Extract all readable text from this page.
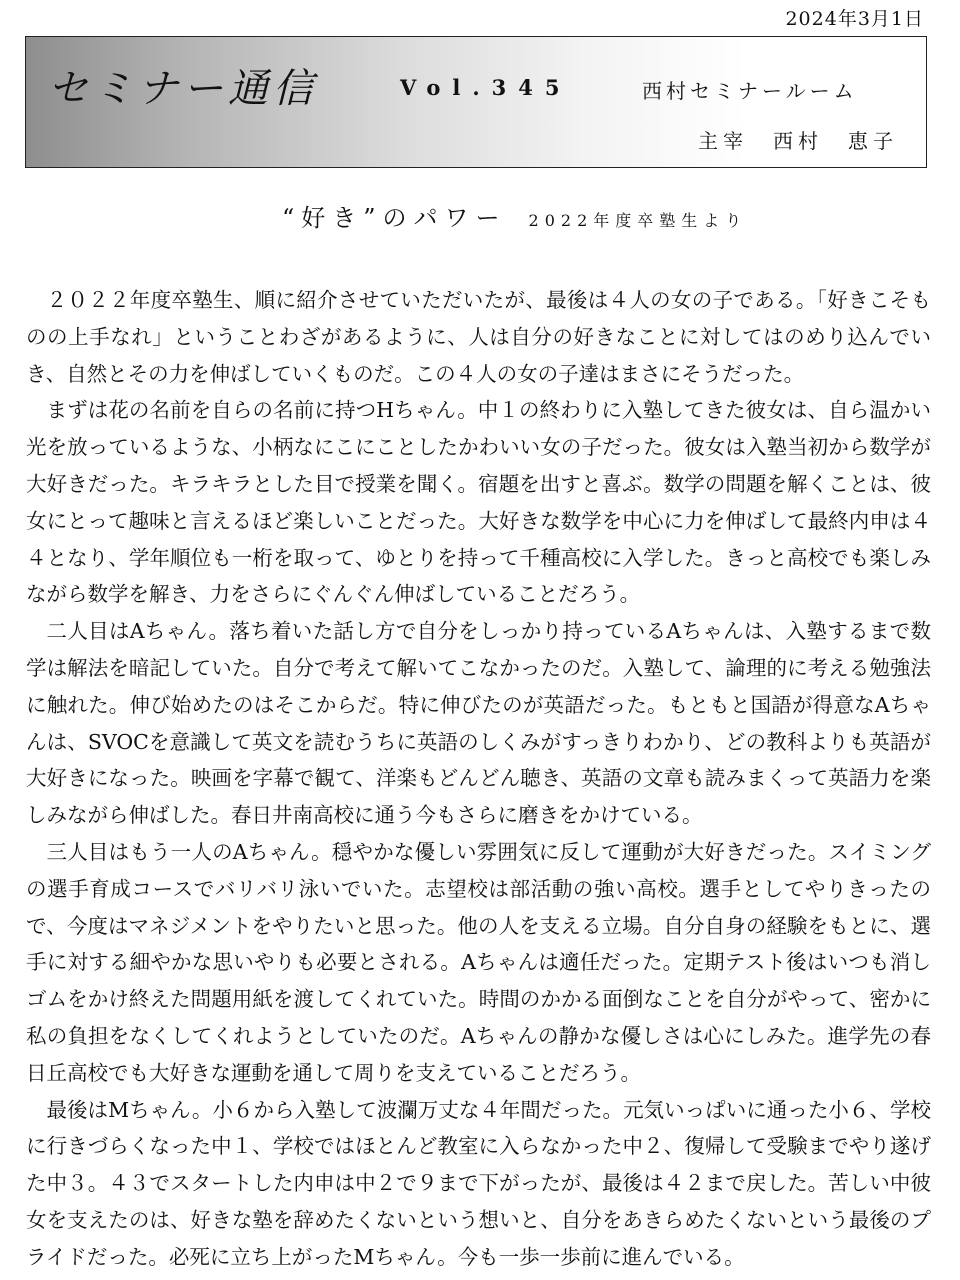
2024年3月1日
セミナー通信	Vol.345	西村セミナールーム
主宰　西村　恵子
“好き”のパワー 2022年度卒塾生より

２０２２年度卒塾生、順に紹介させていただいたが、最後は４人の女の子である。「好きこそものの上手なれ」ということわざがあるように、人は自分の好きなことに対してはのめり込んでいき、自然とその力を伸ばしていくものだ。この４人の女の子達はまさにそうだった。

まずは花の名前を自らの名前に持つHちゃん。中１の終わりに入塾してきた彼女は、自ら温かい光を放っているような、小柄なにこにことしたかわいい女の子だった。彼女は入塾当初から数学が大好きだった。キラキラとした目で授業を聞く。宿題を出すと喜ぶ。数学の問題を解くことは、彼女にとって趣味と言えるほど楽しいことだった。大好きな数学を中心に力を伸ばして最終内申は４４となり、学年順位も一桁を取って、ゆとりを持って千種高校に入学した。きっと高校でも楽しみながら数学を解き、力をさらにぐんぐん伸ばしていることだろう。

二人目はAちゃん。落ち着いた話し方で自分をしっかり持っているAちゃんは、入塾するまで数学は解法を暗記していた。自分で考えて解いてこなかったのだ。入塾して、論理的に考える勉強法に触れた。伸び始めたのはそこからだ。特に伸びたのが英語だった。もともと国語が得意なAちゃんは、SVOCを意識して英文を読むうちに英語のしくみがすっきりわかり、どの教科よりも英語が大好きになった。映画を字幕で観て、洋楽もどんどん聴き、英語の文章も読みまくって英語力を楽しみながら伸ばした。春日井南高校に通う今もさらに磨きをかけている。

三人目はもう一人のAちゃん。穏やかな優しい雰囲気に反して運動が大好きだった。スイミングの選手育成コースでバリバリ泳いでいた。志望校は部活動の強い高校。選手としてやりきったので、今度はマネジメントをやりたいと思った。他の人を支える立場。自分自身の経験をもとに、選手に対する細やかな思いやりも必要とされる。Aちゃんは適任だった。定期テスト後はいつも消しゴムをかけ終えた問題用紙を渡してくれていた。時間のかかる面倒なことを自分がやって、密かに私の負担をなくしてくれようとしていたのだ。Aちゃんの静かな優しさは心にしみた。進学先の春日丘高校でも大好きな運動を通して周りを支えていることだろう。

最後はMちゃん。小６から入塾して波瀾万丈な４年間だった。元気いっぱいに通った小６、学校に行きづらくなった中１、学校ではほとんど教室に入らなかった中２、復帰して受験までやり遂げた中３。４３でスタートした内申は中２で９まで下がったが、最後は４２まで戻した。苦しい中彼女を支えたのは、好きな塾を辞めたくないという想いと、自分をあきらめたくないという最後のプライドだった。必死に立ち上がったMちゃん。今も一歩一歩前に進んでいる。
